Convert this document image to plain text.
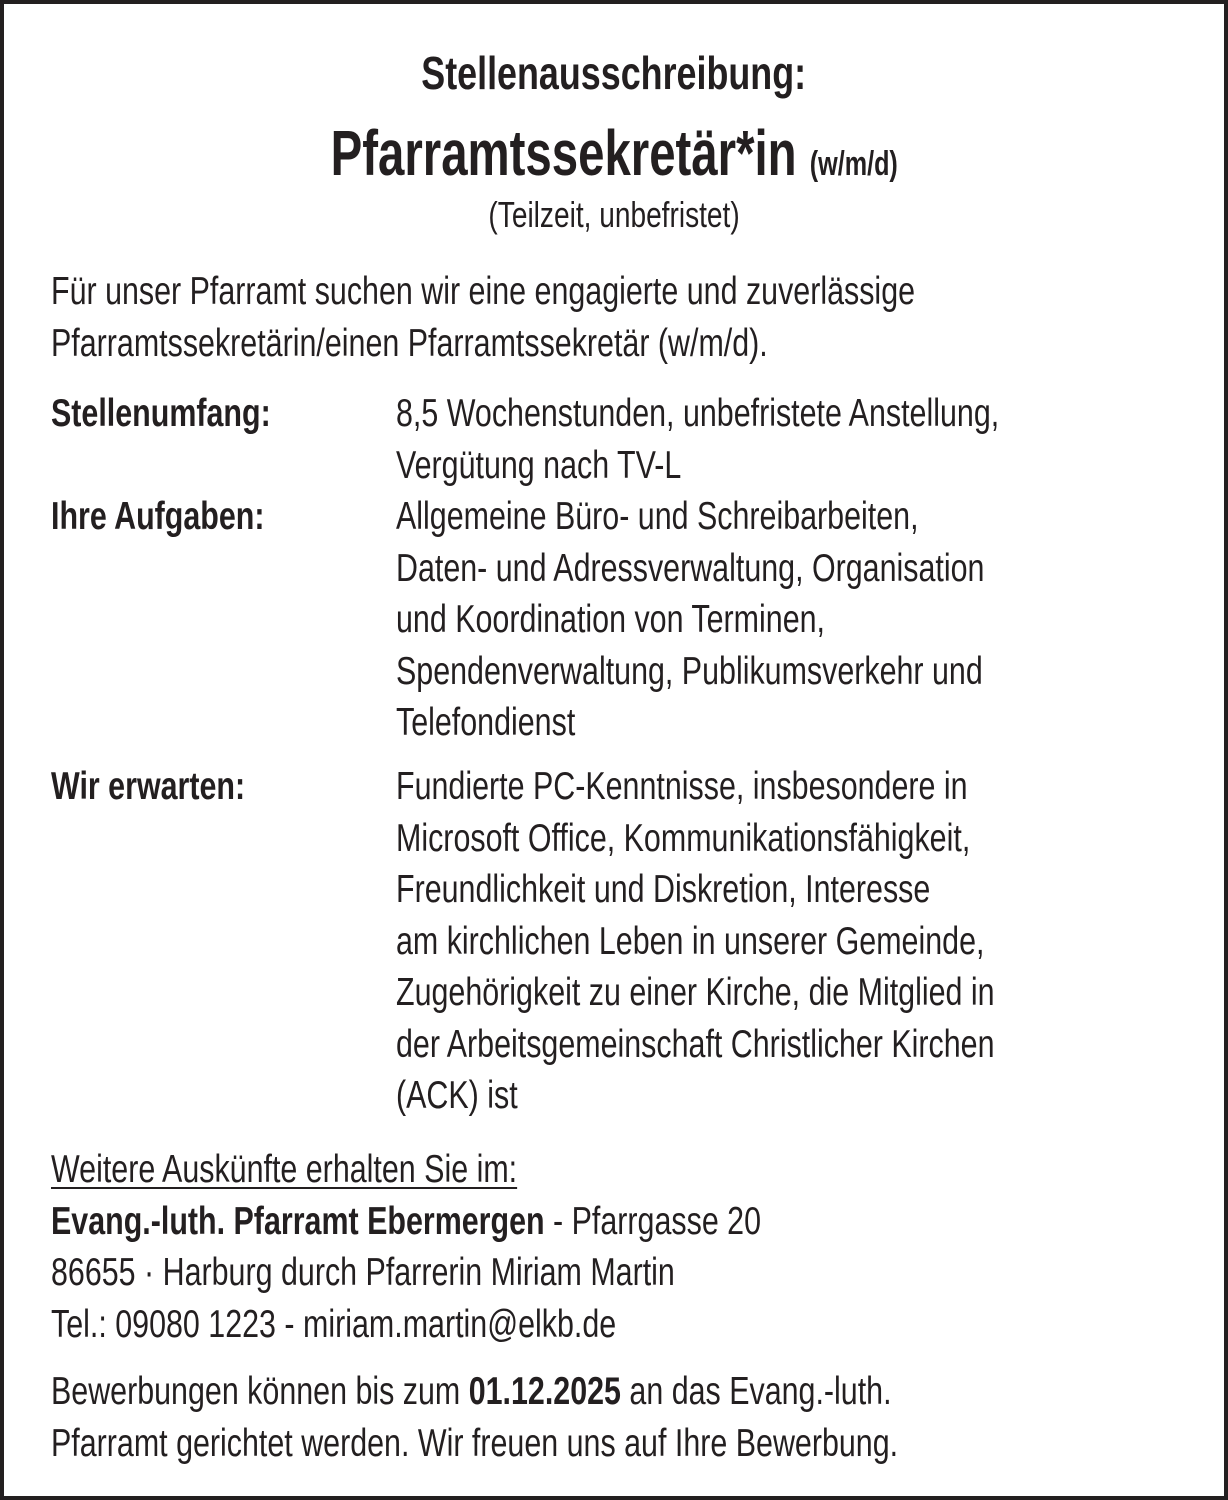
Stellenausschreibung:
Pfarramtssekretär*in (w/m/d)
(Teilzeit, unbefristet)
Für unser Pfarramt suchen wir eine engagierte und zuverlässige
Pfarramtssekretärin/einen Pfarramtssekretär (w/m/d).
Stellenumfang:	8,5 Wochenstunden, unbefristete Anstellung,
Vergütung nach TV-L
Ihre Aufgaben:	Allgemeine Büro- und Schreibarbeiten,
Daten- und Adressverwaltung, Organisation
und Koordination von Terminen,
Spendenverwaltung, Publikumsverkehr und
Telefondienst
Wir erwarten:	Fundierte PC-Kenntnisse, insbesondere in
Microsoft Office, Kommunikationsfähigkeit,
Freundlichkeit und Diskretion, Interesse
am kirchlichen Leben in unserer Gemeinde,
Zugehörigkeit zu einer Kirche, die Mitglied in
der Arbeitsgemeinschaft Christlicher Kirchen
(ACK) ist
Weitere Auskünfte erhalten Sie im:
Evang.-luth. Pfarramt Ebermergen - Pfarrgasse 20
86655 · Harburg durch Pfarrerin Miriam Martin
Tel.: 09080 1223 - miriam.martin@elkb.de
Bewerbungen können bis zum 01.12.2025 an das Evang.-luth.
Pfarramt gerichtet werden. Wir freuen uns auf Ihre Bewerbung.
